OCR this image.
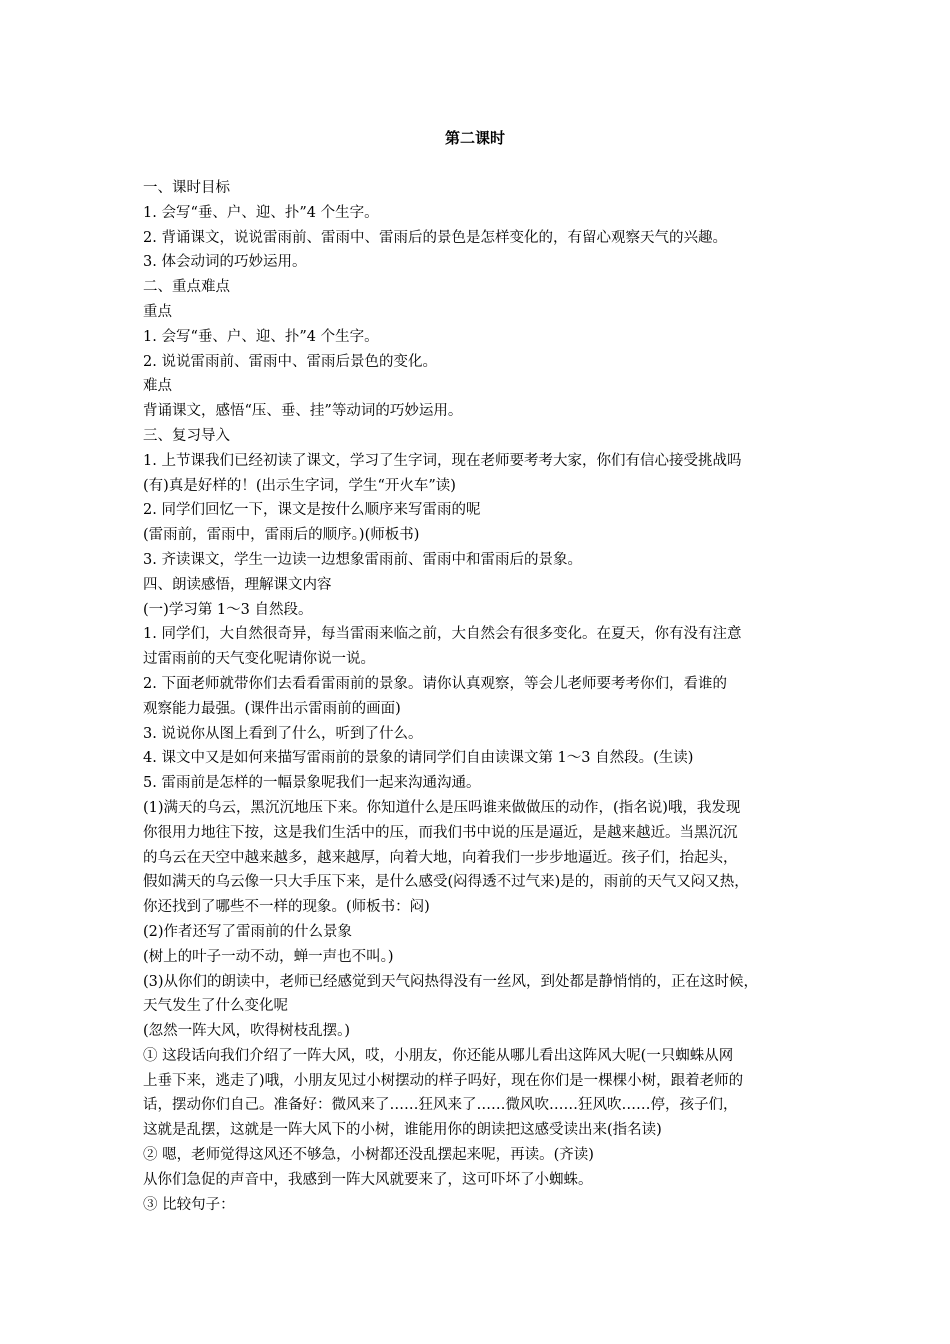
第二课时
一、课时目标
1. 会写“垂、户、迎、扑”4 个生字。
2. 背诵课文，说说雷雨前、雷雨中、雷雨后的景色是怎样变化的，有留心观察天气的兴趣。
3. 体会动词的巧妙运用。
二、重点难点
重点
1. 会写“垂、户、迎、扑”4 个生字。
2. 说说雷雨前、雷雨中、雷雨后景色的变化。
难点
背诵课文，感悟“压、垂、挂”等动词的巧妙运用。
三、复习导入
1. 上节课我们已经初读了课文，学习了生字词，现在老师要考考大家，你们有信心接受挑战吗
(有)真是好样的！(出示生字词，学生“开火车”读)
2. 同学们回忆一下，课文是按什么顺序来写雷雨的呢
(雷雨前，雷雨中，雷雨后的顺序。)(师板书)
3. 齐读课文，学生一边读一边想象雷雨前、雷雨中和雷雨后的景象。
四、朗读感悟，理解课文内容
(一)学习第 1～3 自然段。
1. 同学们，大自然很奇异，每当雷雨来临之前，大自然会有很多变化。在夏天，你有没有注意
过雷雨前的天气变化呢请你说一说。
2. 下面老师就带你们去看看雷雨前的景象。请你认真观察，等会儿老师要考考你们，看谁的
观察能力最强。(课件出示雷雨前的画面)
3. 说说你从图上看到了什么，听到了什么。
4. 课文中又是如何来描写雷雨前的景象的请同学们自由读课文第 1～3 自然段。(生读)
5. 雷雨前是怎样的一幅景象呢我们一起来沟通沟通。
(1)满天的乌云，黑沉沉地压下来。你知道什么是压吗谁来做做压的动作，(指名说)哦，我发现
你很用力地往下按，这是我们生活中的压，而我们书中说的压是逼近，是越来越近。当黑沉沉
的乌云在天空中越来越多，越来越厚，向着大地，向着我们一步步地逼近。孩子们，抬起头，
假如满天的乌云像一只大手压下来，是什么感受(闷得透不过气来)是的，雨前的天气又闷又热，
你还找到了哪些不一样的现象。(师板书：闷)
(2)作者还写了雷雨前的什么景象
(树上的叶子一动不动，蝉一声也不叫。)
(3)从你们的朗读中，老师已经感觉到天气闷热得没有一丝风，到处都是静悄悄的，正在这时候，
天气发生了什么变化呢
(忽然一阵大风，吹得树枝乱摆。)
① 这段话向我们介绍了一阵大风，哎，小朋友，你还能从哪儿看出这阵风大呢(一只蜘蛛从网
上垂下来，逃走了)哦，小朋友见过小树摆动的样子吗好，现在你们是一棵棵小树，跟着老师的
话，摆动你们自己。准备好：微风来了……狂风来了……微风吹……狂风吹……停，孩子们，
这就是乱摆，这就是一阵大风下的小树，谁能用你的朗读把这感受读出来(指名读)
② 嗯，老师觉得这风还不够急，小树都还没乱摆起来呢，再读。(齐读)
从你们急促的声音中，我感到一阵大风就要来了，这可吓坏了小蜘蛛。
③ 比较句子：
